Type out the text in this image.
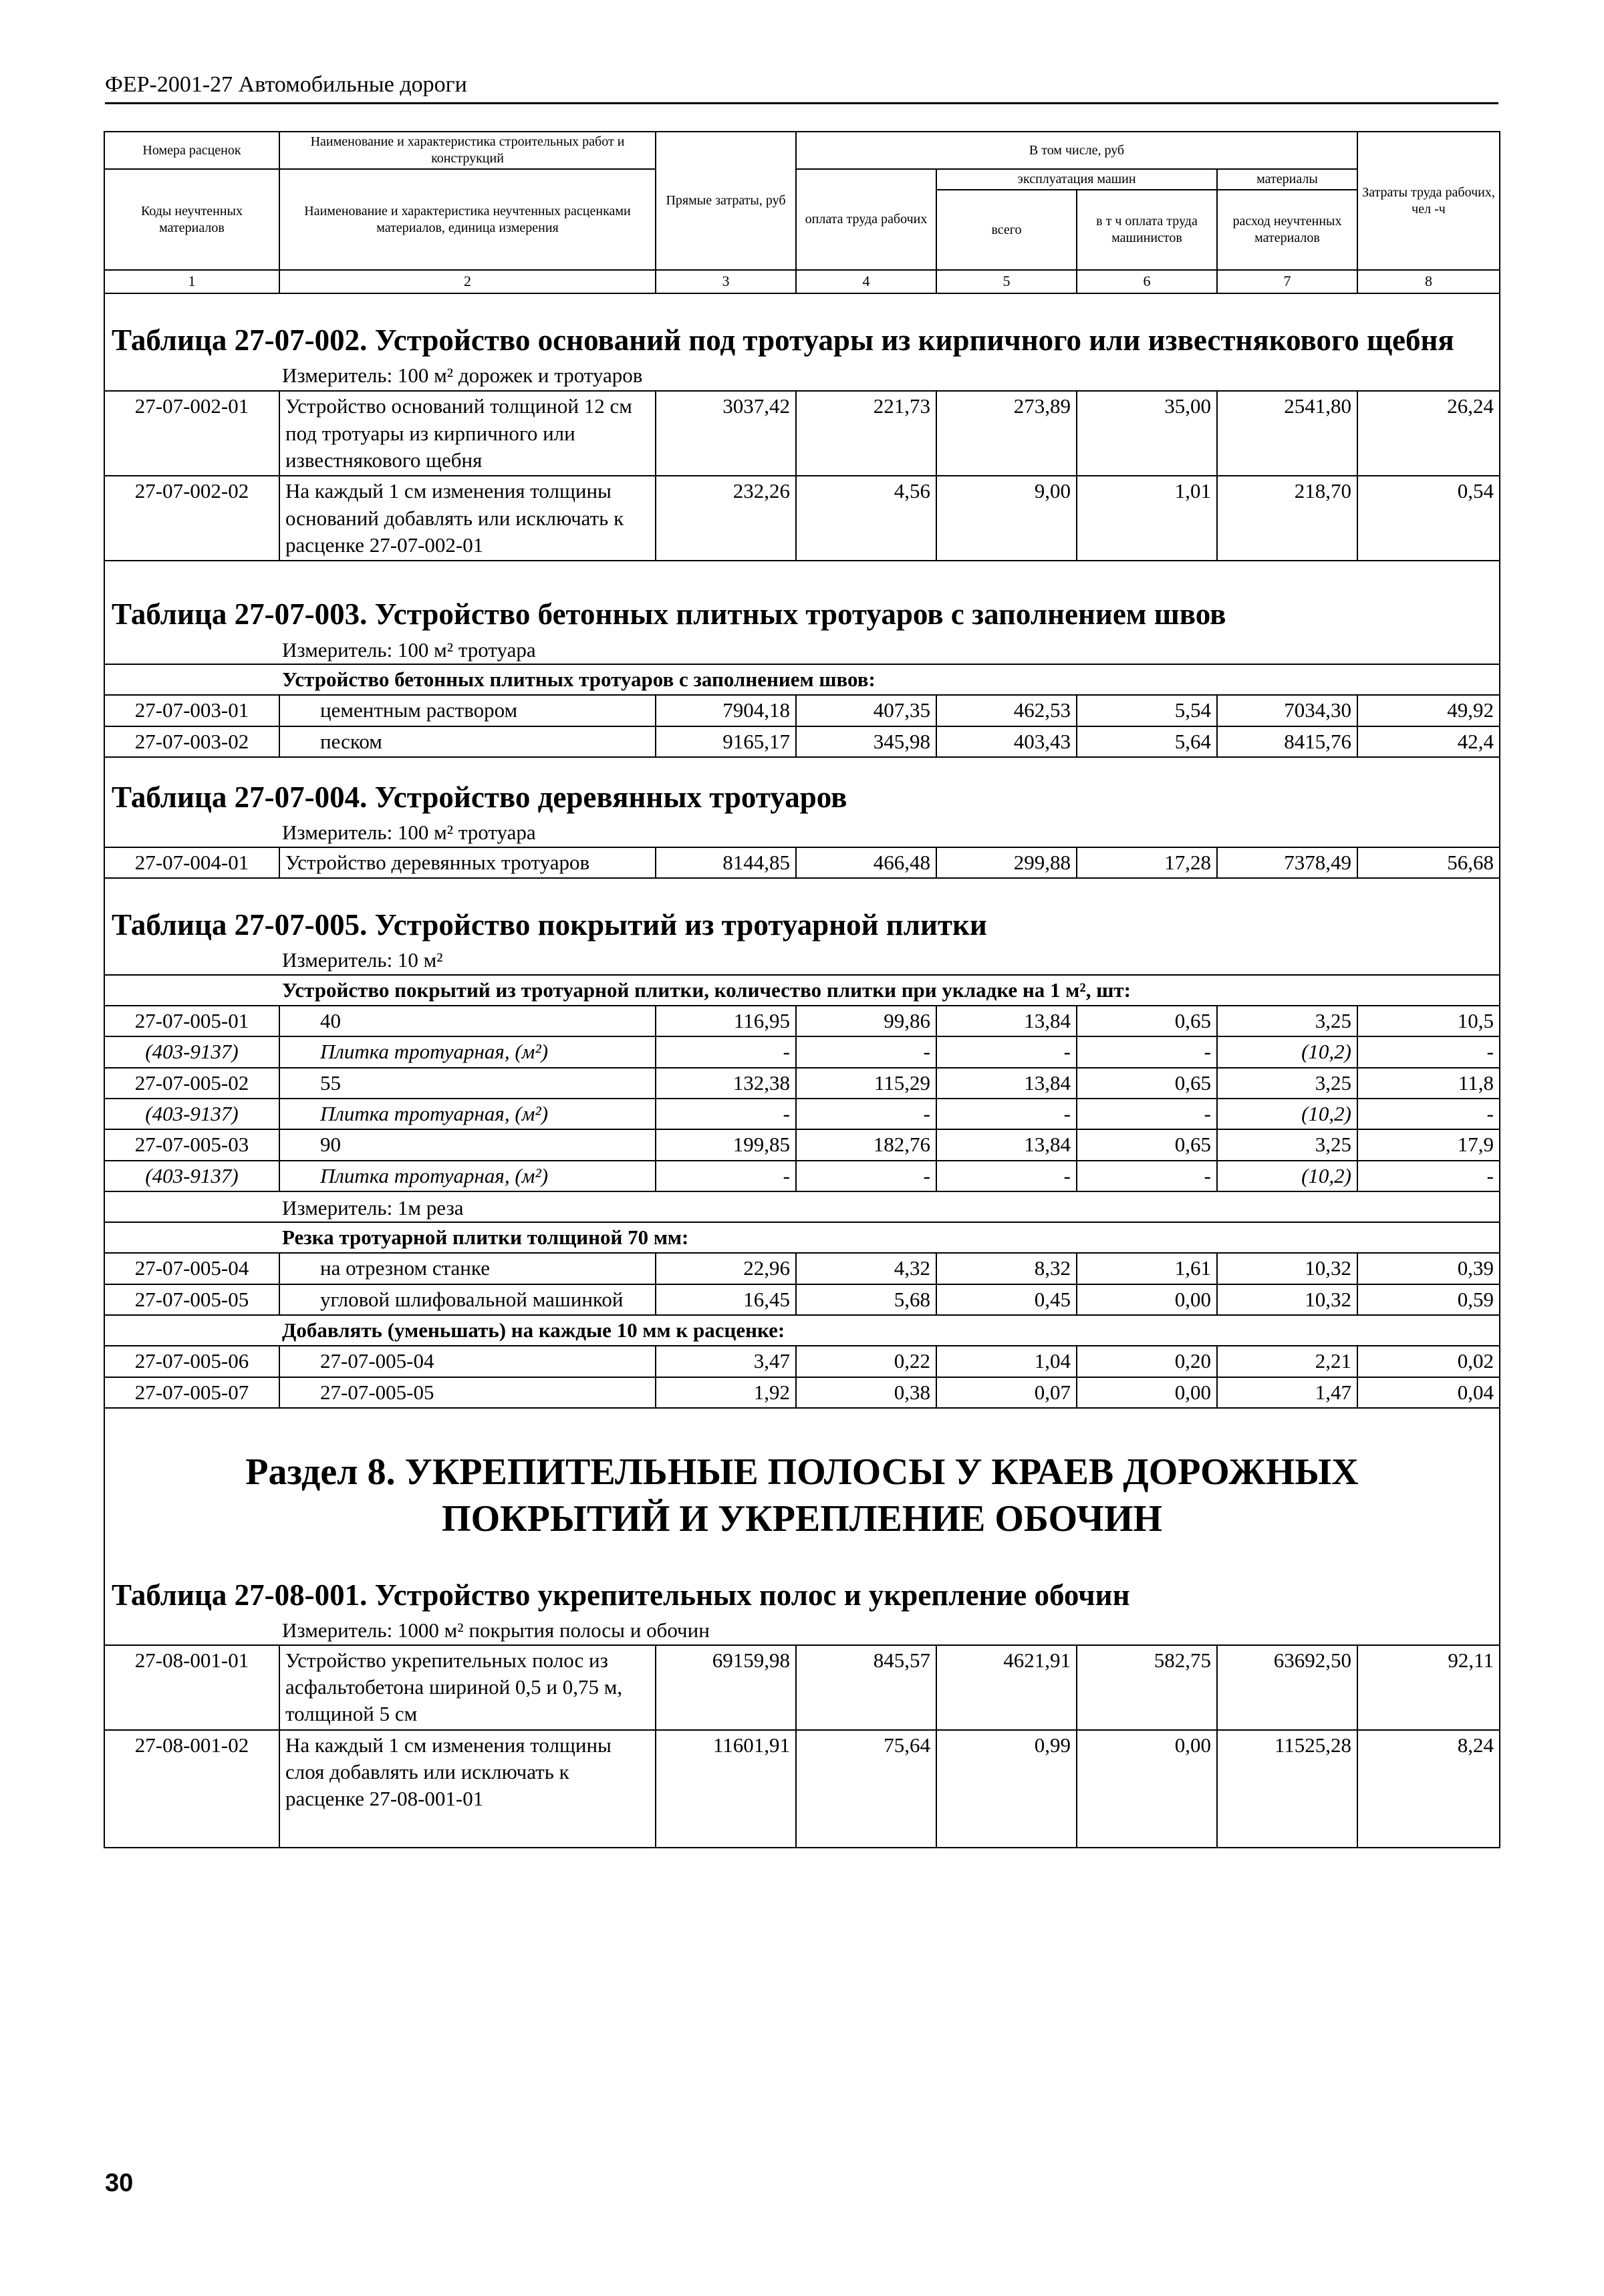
ФЕР-2001-27 Автомобильные дороги
Номера расценок	Наименование и характеристика строительных работ и конструкций	Прямые затраты, руб	В том числе, руб				Затраты труда рабочих, чел -ч
Коды неучтенных материалов	Наименование и характеристика неучтенных расценками материалов, единица измерения		оплата труда рабочих	эксплуатация машин		материалы	
				всего	в т ч оплата труда машинистов	расход неучтенных материалов	
1	2	3	4	5	6	7	8
Таблица 27-07-002. Устройство оснований под тротуары из кирпичного или известнякового щебня							
Измеритель: 100 м² дорожек и тротуаров							
27-07-002-01	Устройство оснований толщиной 12 см под тротуары из кирпичного или известнякового щебня	3037,42	221,73	273,89	35,00	2541,80	26,24
27-07-002-02	На каждый 1 см изменения толщины оснований добавлять или исключать к расценке 27-07-002-01	232,26	4,56	9,00	1,01	218,70	0,54
Таблица 27-07-003. Устройство бетонных плитных тротуаров с заполнением швов							
Измеритель: 100 м² тротуара							
Устройство бетонных плитных тротуаров с заполнением швов:							
27-07-003-01	цементным раствором	7904,18	407,35	462,53	5,54	7034,30	49,92
27-07-003-02	песком	9165,17	345,98	403,43	5,64	8415,76	42,4
Таблица 27-07-004. Устройство деревянных тротуаров							
Измеритель: 100 м² тротуара							
27-07-004-01	Устройство деревянных тротуаров	8144,85	466,48	299,88	17,28	7378,49	56,68
Таблица 27-07-005. Устройство покрытий из тротуарной плитки							
Измеритель: 10 м²							
Устройство покрытий из тротуарной плитки, количество плитки при укладке на 1 м², шт:							
27-07-005-01	40	116,95	99,86	13,84	0,65	3,25	10,5
(403-9137)	Плитка тротуарная, (м²)	-	-	-	-	(10,2)	-
27-07-005-02	55	132,38	115,29	13,84	0,65	3,25	11,8
(403-9137)	Плитка тротуарная, (м²)	-	-	-	-	(10,2)	-
27-07-005-03	90	199,85	182,76	13,84	0,65	3,25	17,9
(403-9137)	Плитка тротуарная, (м²)	-	-	-	-	(10,2)	-
Измеритель: 1м реза							
Резка тротуарной плитки толщиной 70 мм:							
27-07-005-04	на отрезном станке	22,96	4,32	8,32	1,61	10,32	0,39
27-07-005-05	угловой шлифовальной машинкой	16,45	5,68	0,45	0,00	10,32	0,59
Добавлять (уменьшать) на каждые 10 мм к расценке:							
27-07-005-06	27-07-005-04	3,47	0,22	1,04	0,20	2,21	0,02
27-07-005-07	27-07-005-05	1,92	0,38	0,07	0,00	1,47	0,04

Раздел 8. УКРЕПИТЕЛЬНЫЕ ПОЛОСЫ У КРАЕВ ДОРОЖНЫХ
ПОКРЫТИЙ И УКРЕПЛЕНИЕ ОБОЧИН							

Таблица 27-08-001. Устройство укрепительных полос и укрепление обочин							
Измеритель: 1000 м² покрытия полосы и обочин							
27-08-001-01	Устройство укрепительных полос из асфальтобетона шириной 0,5 и 0,75 м, толщиной 5 см	69159,98	845,57	4621,91	582,75	63692,50	92,11
27-08-001-02	На каждый 1 см изменения толщины слоя добавлять или исключать к расценке 27-08-001-01	11601,91	75,64	0,99	0,00	11525,28	8,24
30
